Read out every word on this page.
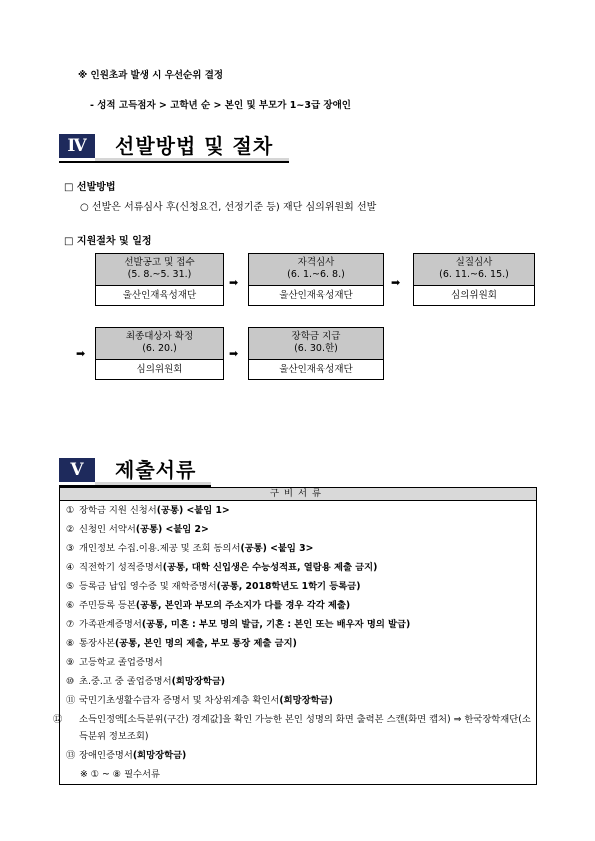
※ 인원초과 발생 시 우선순위 결정
- 성적 고득점자 > 고학년 순 > 본인 및 부모가 1~3급 장애인
Ⅳ	선발방법 및 절차
□ 선발방법
○ 선발은 서류심사 후(신청요건, 선정기준 등) 재단 심의위원회 선발
□ 지원절차 및 일정
선발공고 및 접수
(5. 8.~5. 31.)
울산인재육성재단
➡
자격심사
(6. 1.~6. 8.)
울산인재육성재단
➡
실질심사
(6. 11.~6. 15.)
심의위원회
➡
최종대상자 확정
(6. 20.)
심의위원회
➡
장학금 지급
(6. 30.한)
울산인재육성재단
Ⅴ	제출서류
구비서류
① 장학금 지원 신청서(공통) <붙임 1>
② 신청인 서약서(공통) <붙임 2>
③ 개인정보 수집.이용.제공 및 조회 동의서(공통) <붙임 3>
④ 직전학기 성적증명서(공통, 대학 신입생은 수능성적표, 열람용 제출 금지)
⑤ 등록금 납입 영수증 및 재학증명서(공통, 2018학년도 1학기 등록금)
⑥ 주민등록 등본(공통, 본인과 부모의 주소지가 다를 경우 각각 제출)
⑦ 가족관계증명서(공통, 미혼 : 부모 명의 발급, 기혼 : 본인 또는 배우자 명의 발급)
⑧ 통장사본(공통, 본인 명의 제출, 부모 통장 제출 금지)
⑨ 고등학교 졸업증명서
⑩ 초.중.고 중 졸업증명서(희망장학금)
⑪ 국민기초생활수급자 증명서 및 차상위계층 확인서(희망장학금)

⑫ 소득인정액[소득분위(구간) 경계값]을 확인 가능한 본인 성명의 화면 출력본 스캔(화면 캡처) ⇒ 한국장학재단(소득분위 정보조회)

⑬ 장애인증명서(희망장학금)
※ ① ~ ⑧ 필수서류
